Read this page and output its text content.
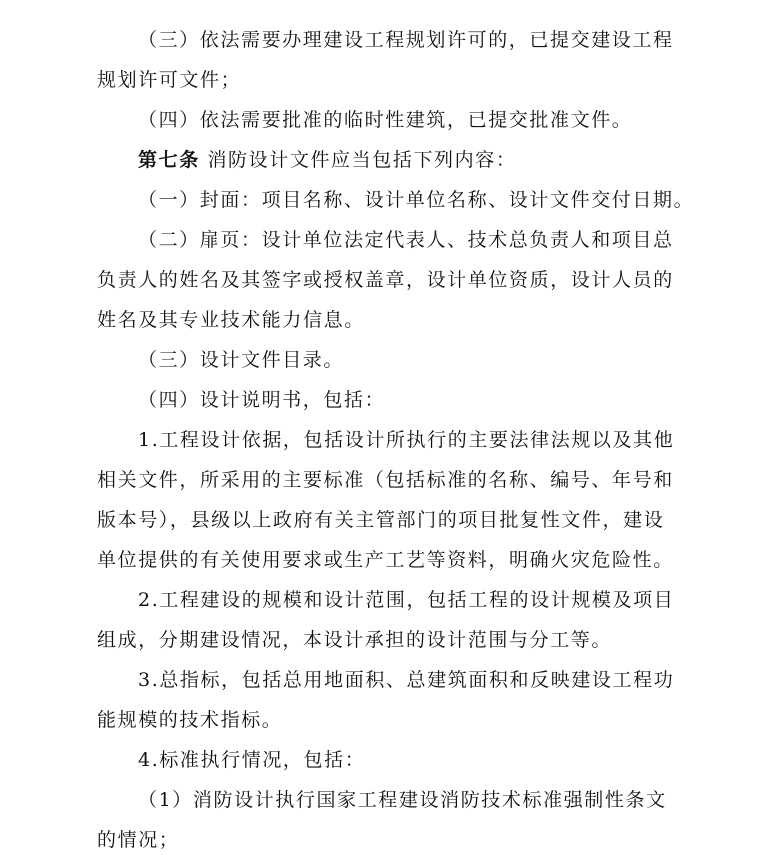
（三）依法需要办理建设工程规划许可的，已提交建设工程
规划许可文件；
（四）依法需要批准的临时性建筑，已提交批准文件。
第七条 消防设计文件应当包括下列内容：
（一）封面：项目名称、设计单位名称、设计文件交付日期。
（二）扉页：设计单位法定代表人、技术总负责人和项目总
负责人的姓名及其签字或授权盖章，设计单位资质，设计人员的
姓名及其专业技术能力信息。
（三）设计文件目录。
（四）设计说明书，包括：
1.工程设计依据，包括设计所执行的主要法律法规以及其他
相关文件，所采用的主要标准（包括标准的名称、编号、年号和
版本号），县级以上政府有关主管部门的项目批复性文件，建设
单位提供的有关使用要求或生产工艺等资料，明确火灾危险性。
2.工程建设的规模和设计范围，包括工程的设计规模及项目
组成，分期建设情况，本设计承担的设计范围与分工等。
3.总指标，包括总用地面积、总建筑面积和反映建设工程功
能规模的技术指标。
4.标准执行情况，包括：
（1）消防设计执行国家工程建设消防技术标准强制性条文
的情况；
